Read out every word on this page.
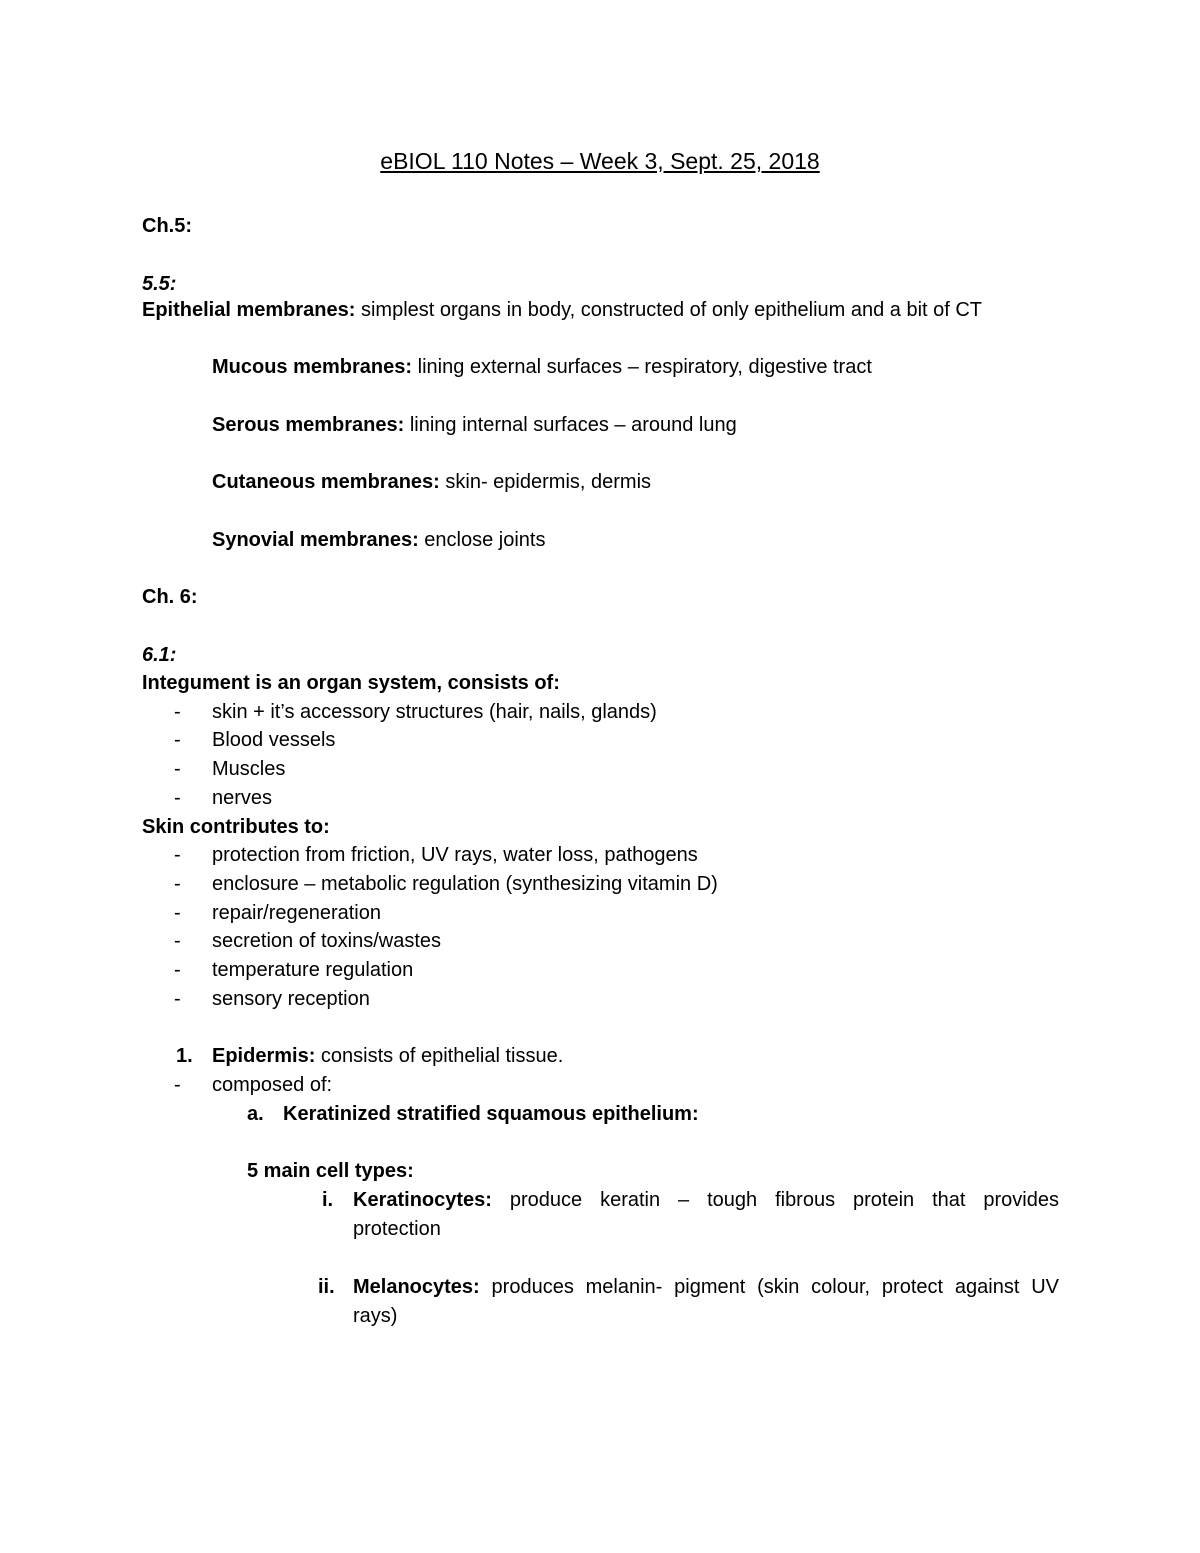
eBIOL 110 Notes – Week 3, Sept. 25, 2018
Ch.5:
5.5:
Epithelial membranes: simplest organs in body, constructed of only epithelium and a bit of CT
Mucous membranes: lining external surfaces – respiratory, digestive tract
Serous membranes: lining internal surfaces – around lung
Cutaneous membranes: skin- epidermis, dermis
Synovial membranes: enclose joints
Ch. 6:
6.1:
Integument is an organ system, consists of:
- skin + it’s accessory structures (hair, nails, glands)
- Blood vessels
- Muscles
- nerves
Skin contributes to:
- protection from friction, UV rays, water loss, pathogens
- enclosure – metabolic regulation (synthesizing vitamin D)
- repair/regeneration
- secretion of toxins/wastes
- temperature regulation
- sensory reception
1. Epidermis: consists of epithelial tissue.
- composed of:
a. Keratinized stratified squamous epithelium:
5 main cell types:
i. Keratinocytes: produce keratin – tough fibrous protein that provides
protection
ii. Melanocytes: produces melanin- pigment (skin colour, protect against UV
rays)
